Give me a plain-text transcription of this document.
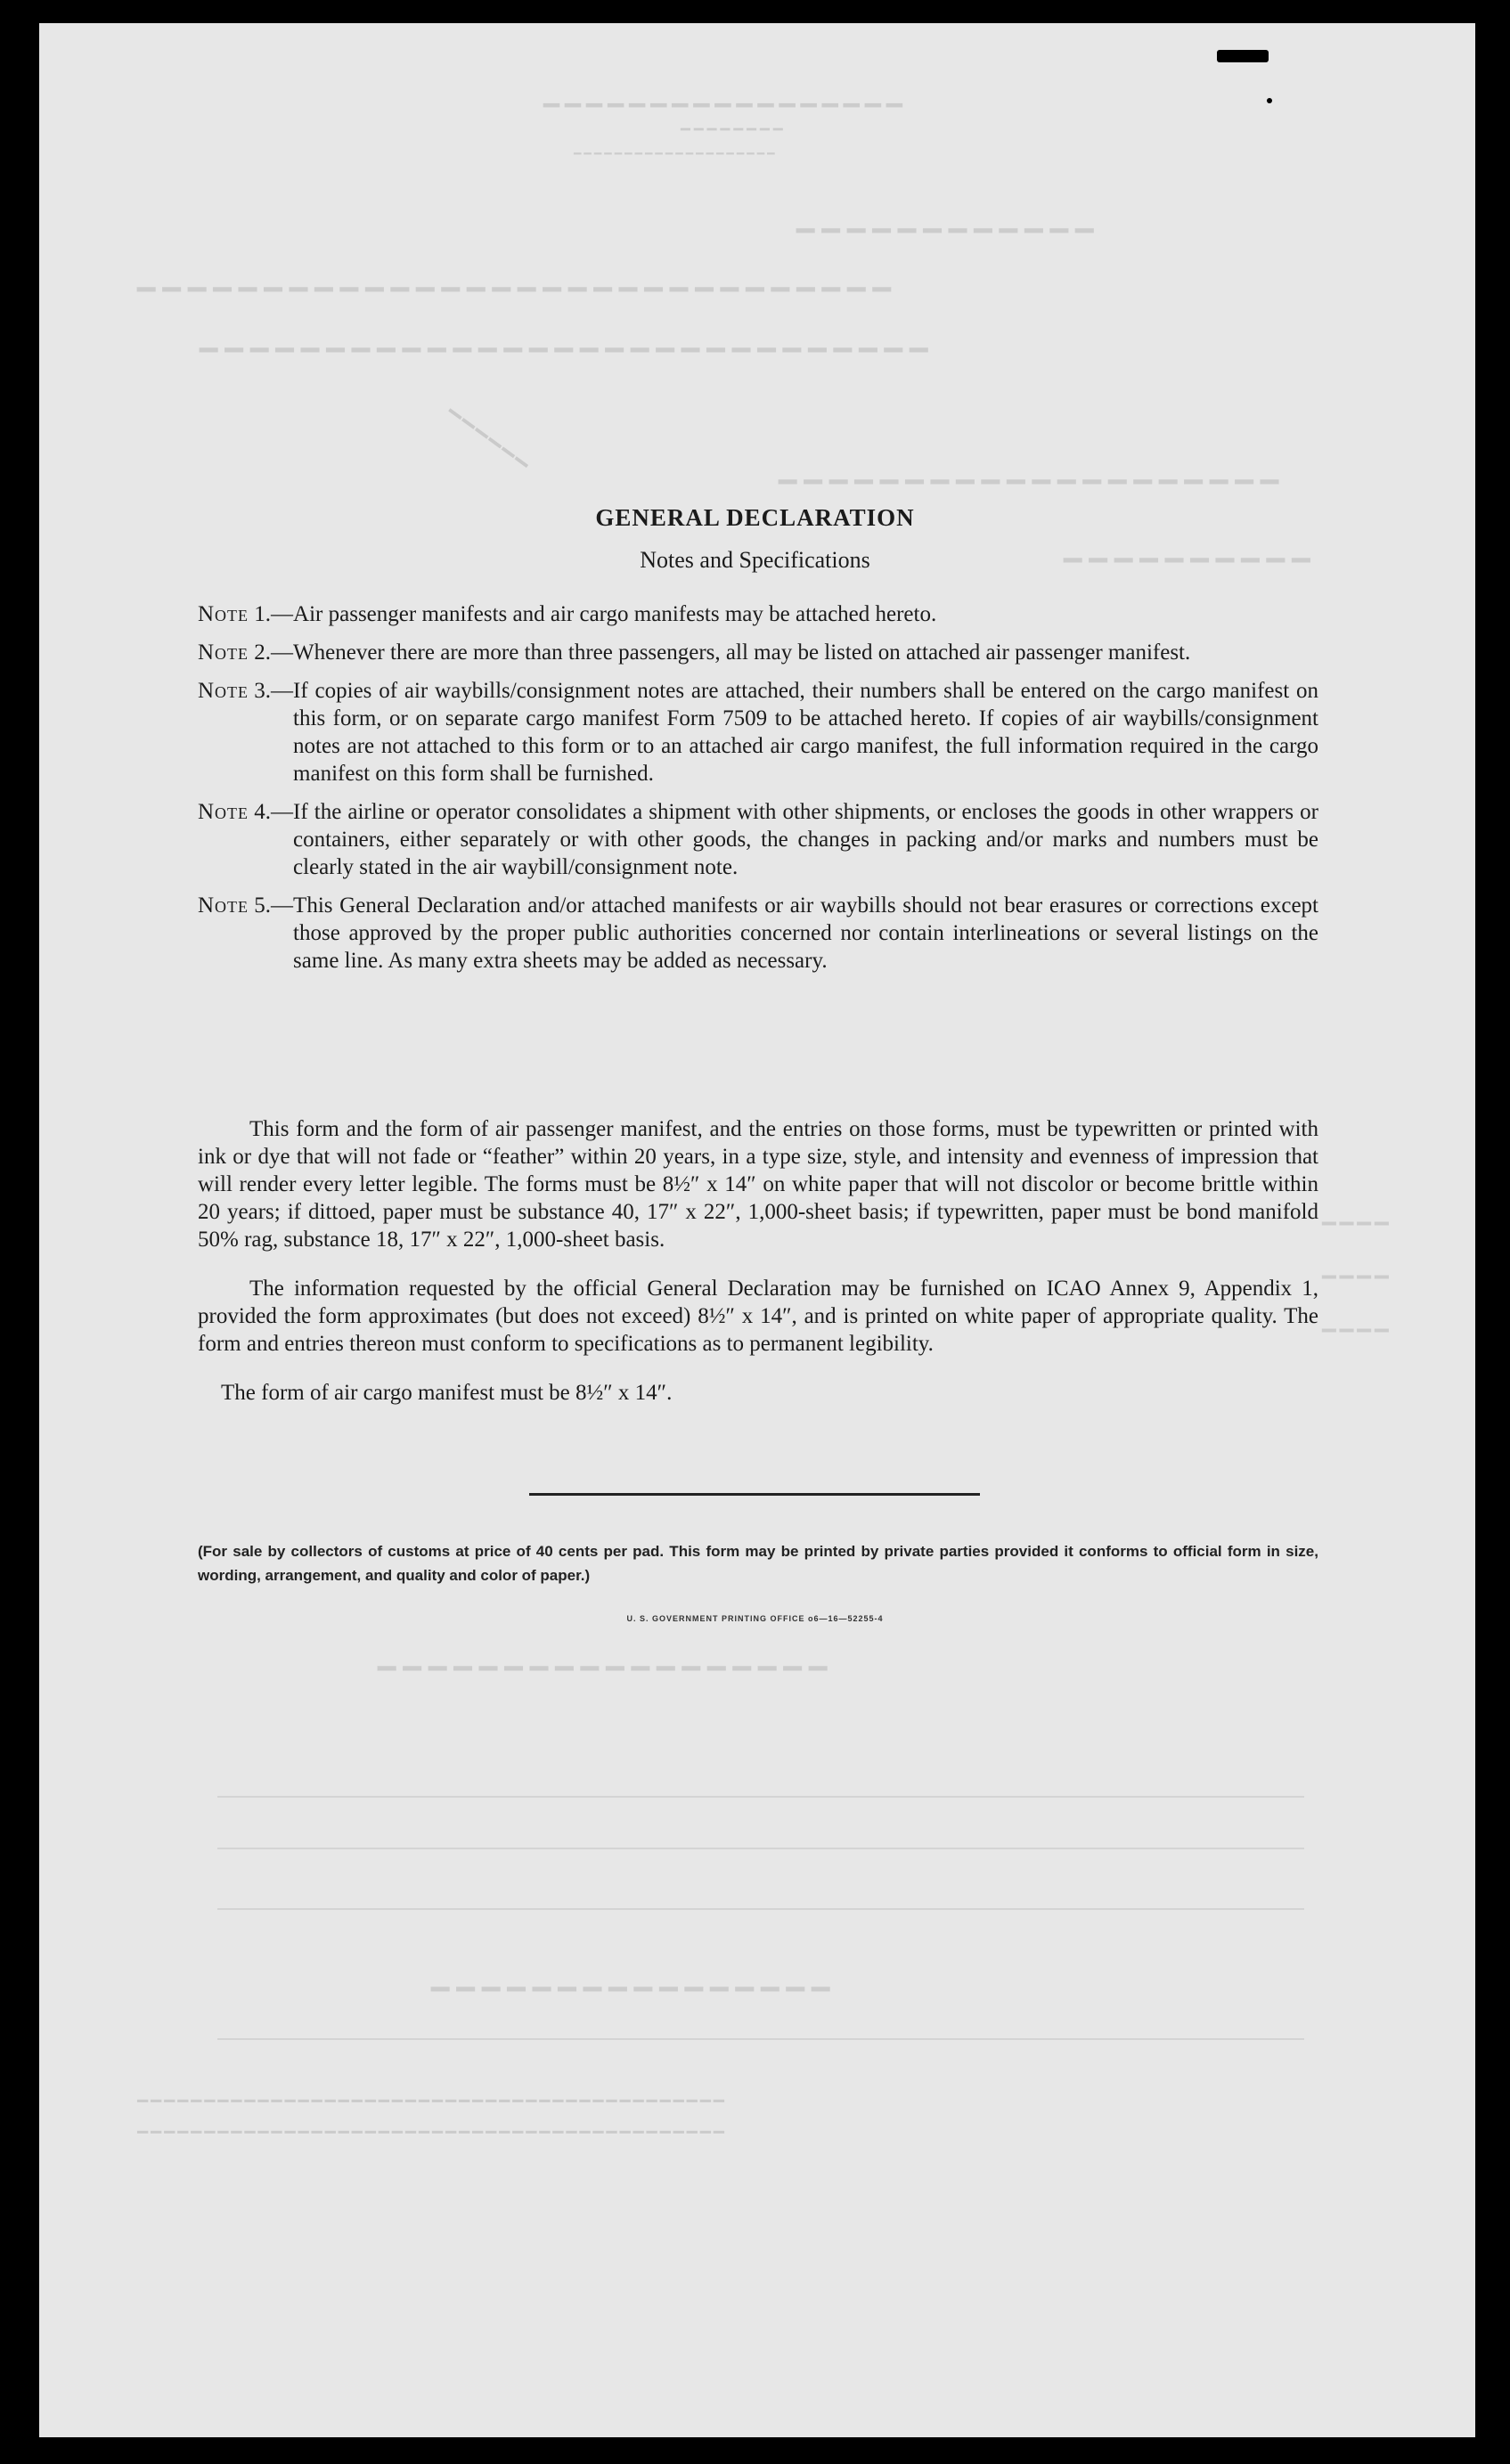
▁▁▁▁▁▁▁▁▁▁▁▁▁▁▁▁▁
▁▁▁▁▁▁▁▁
▁▁▁▁▁▁▁▁▁▁▁▁▁▁▁▁▁▁▁▁
▁▁▁▁▁▁▁▁▁▁▁▁
▁▁▁▁▁▁▁▁▁▁▁▁▁▁▁▁▁▁▁▁▁▁▁▁▁▁▁▁▁▁
▁▁▁▁▁▁▁▁▁▁▁▁▁▁▁▁▁▁▁▁▁▁▁▁▁▁▁▁▁
▁▁▁▁▁▁▁▁▁▁▁▁▁▁▁▁▁▁▁▁
▁▁▁▁▁▁▁▁▁▁
▁▁▁▁
▁▁▁▁
▁▁▁▁
▁▁▁▁▁▁▁▁▁▁▁▁▁▁▁▁▁▁
▁▁▁▁▁▁▁▁▁▁▁▁▁▁▁▁
▁▁▁▁▁▁▁▁▁▁▁▁▁▁▁▁▁▁▁▁▁▁▁▁▁▁▁▁▁▁▁▁▁▁▁▁▁▁▁▁▁▁▁▁
▁▁▁▁▁▁▁▁▁▁▁▁▁▁▁▁▁▁▁▁▁▁▁▁▁▁▁▁▁▁▁▁▁▁▁▁▁▁▁▁▁▁▁▁
▁▁▁▁▁▁
GENERAL DECLARATION
Notes and Specifications
Note 1.— Air passenger manifests and air cargo manifests may be attached hereto.
Note 2.— Whenever there are more than three passengers, all may be listed on attached air passenger manifest.
Note 3.— If copies of air waybills/consignment notes are attached, their numbers shall be entered on the cargo manifest on this form, or on separate cargo manifest Form 7509 to be attached hereto. If copies of air waybills/consignment notes are not attached to this form or to an attached air cargo manifest, the full information required in the cargo manifest on this form shall be furnished.
Note 4.— If the airline or operator consolidates a shipment with other shipments, or encloses the goods in other wrappers or containers, either separately or with other goods, the changes in packing and/or marks and numbers must be clearly stated in the air waybill/consignment note.
Note 5.— This General Declaration and/or attached manifests or air waybills should not bear erasures or corrections except those approved by the proper public authorities concerned nor contain interlineations or several listings on the same line. As many extra sheets may be added as necessary.

This form and the form of air passenger manifest, and the entries on those forms, must be typewritten or printed with ink or dye that will not fade or “feather” within 20 years, in a type size, style, and intensity and evenness of impression that will render every letter legible. The forms must be 8½″ x 14″ on white paper that will not discolor or become brittle within 20 years; if dittoed, paper must be substance 40, 17″ x 22″, 1,000-sheet basis; if typewritten, paper must be bond manifold 50% rag, substance 18, 17″ x 22″, 1,000-sheet basis.

The information requested by the official General Declaration may be furnished on ICAO Annex 9, Appendix 1, provided the form approximates (but does not exceed) 8½″ x 14″, and is printed on white paper of appropriate quality. The form and entries thereon must conform to specifications as to permanent legibility.

The form of air cargo manifest must be 8½″ x 14″.

(For sale by collectors of customs at price of 40 cents per pad. This form may be printed by private parties provided it conforms to official form in size, wording, arrangement, and quality and color of paper.)
U. S. GOVERNMENT PRINTING OFFICE o6—16—52255-4
